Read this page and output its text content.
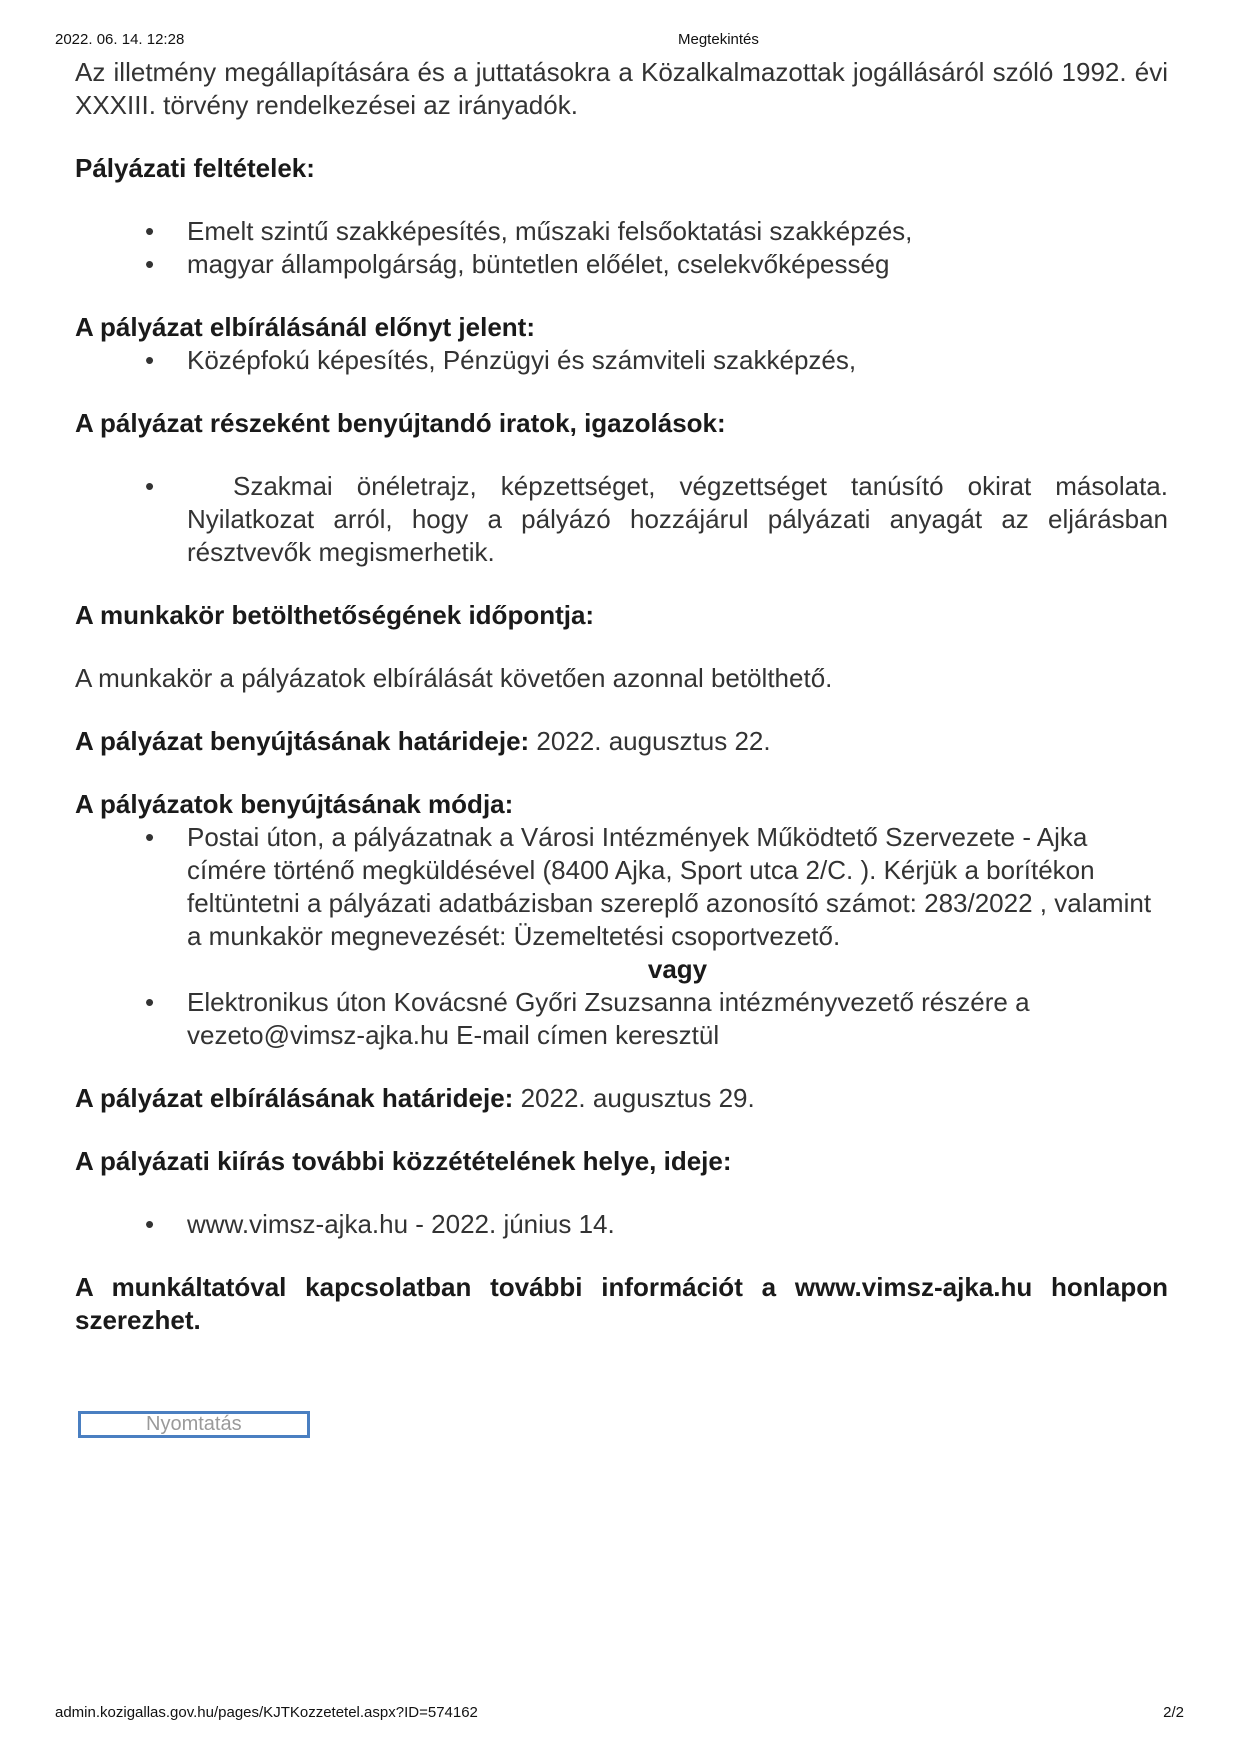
2022. 06. 14. 12:28	Megtekintés

Az illetmény megállapítására és a juttatásokra a Közalkalmazottak jogállásáról szóló 1992. évi XXXIII. törvény rendelkezései az irányadók.

Pályázati feltételek:

• Emelt szintű szakképesítés, műszaki felsőoktatási szakképzés,
• magyar állampolgárság, büntetlen előélet, cselekvőképesség

A pályázat elbírálásánál előnyt jelent:

• Középfokú képesítés, Pénzügyi és számviteli szakképzés,

A pályázat részeként benyújtandó iratok, igazolások:

•	Szakmai önéletrajz, képzettséget, végzettséget tanúsító okirat másolata. Nyilatkozat arról, hogy a pályázó hozzájárul pályázati anyagát az eljárásban résztvevők megismerhetik.

A munkakör betölthetőségének időpontja:

A munkakör a pályázatok elbírálását követően azonnal betölthető.

A pályázat benyújtásának határideje: 2022. augusztus 22.

A pályázatok benyújtásának módja:

• Postai úton, a pályázatnak a Városi Intézmények Működtető Szervezete - Ajka címére történő megküldésével (8400 Ajka, Sport utca 2/C. ). Kérjük a borítékon feltüntetni a pályázati adatbázisban szereplő azonosító számot: 283/2022 , valamint a munkakör megnevezését: Üzemeltetési csoportvezető.

vagy

• Elektronikus úton Kovácsné Győri Zsuzsanna intézményvezető részére a vezeto@vimsz-ajka.hu E-mail címen keresztül

A pályázat elbírálásának határideje: 2022. augusztus 29.

A pályázati kiírás további közzétételének helye, ideje:

• www.vimsz-ajka.hu - 2022. június 14.

A munkáltatóval kapcsolatban további információt a www.vimsz-ajka.hu honlapon szerezhet.

Nyomtatás
admin.kozigallas.gov.hu/pages/KJTKozzetetel.aspx?ID=574162	2/2
